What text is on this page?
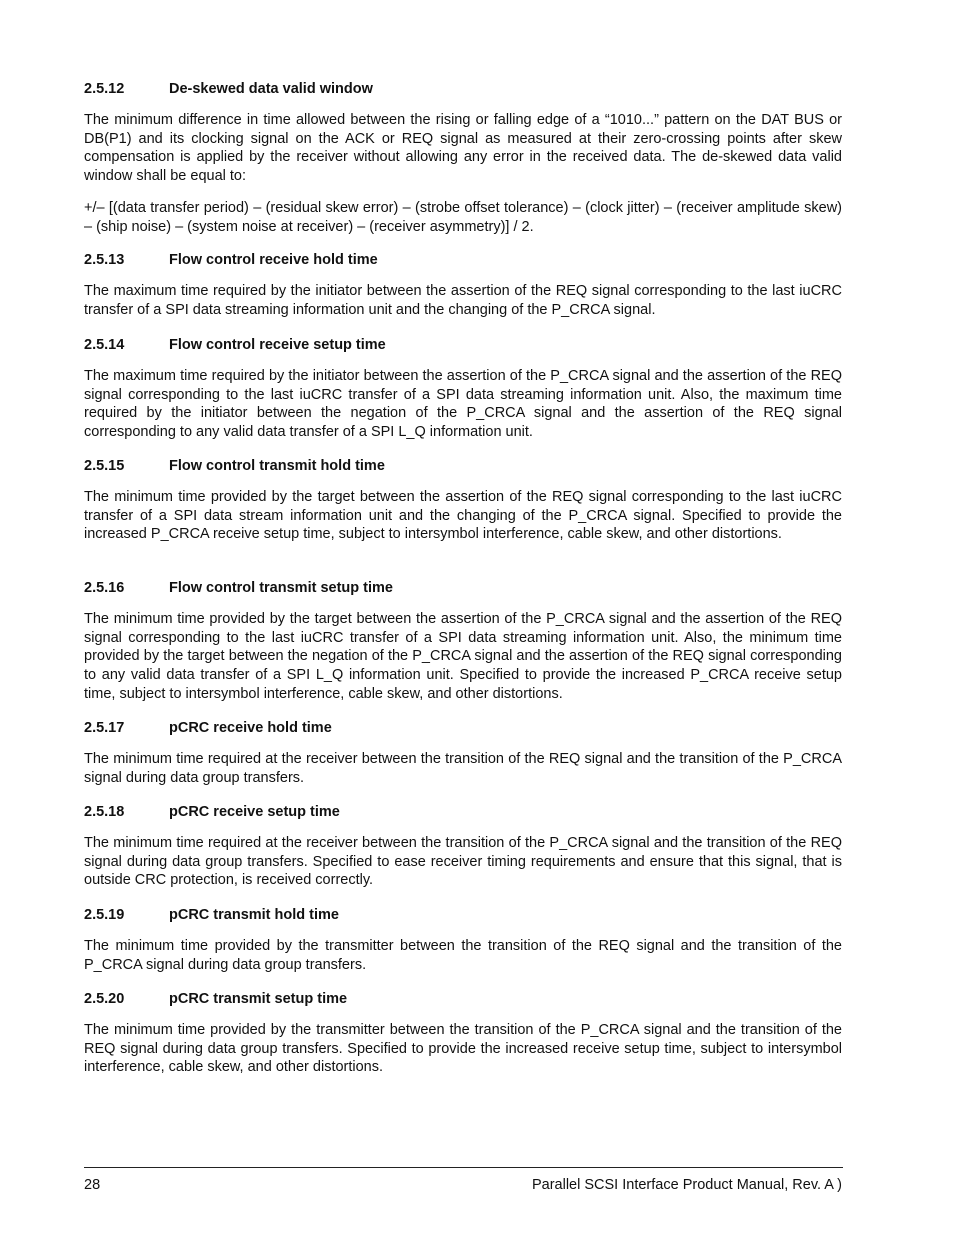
2.5.12	De-skewed data valid window

The minimum difference in time allowed between the rising or falling edge of a “1010...” pattern on the DAT BUS or DB(P1) and its clocking signal on the ACK or REQ signal as measured at their zero-crossing points after skew compensation is applied by the receiver without allowing any error in the received data. The de-skewed data valid window shall be equal to:

+/– [(data transfer period) – (residual skew error) – (strobe offset tolerance) – (clock jitter) – (receiver amplitude skew) – (ship noise) – (system noise at receiver) – (receiver asymmetry)] / 2.

2.5.13	Flow control receive hold time

The maximum time required by the initiator between the assertion of the REQ signal corresponding to the last iuCRC transfer of a SPI data streaming information unit and the changing of the P_CRCA signal.

2.5.14	Flow control receive setup time

The maximum time required by the initiator between the assertion of the P_CRCA signal and the assertion of the REQ signal corresponding to the last iuCRC transfer of a SPI data streaming information unit. Also, the maximum time required by the initiator between the negation of the P_CRCA signal and the assertion of the REQ signal corresponding to any valid data transfer of a SPI L_Q information unit.

2.5.15	Flow control transmit hold time

The minimum time provided by the target between the assertion of the REQ signal corresponding to the last iuCRC transfer of a SPI data stream information unit and the changing of the P_CRCA signal. Specified to provide the increased P_CRCA receive setup time, subject to intersymbol interference, cable skew, and other distortions.

2.5.16	Flow control transmit setup time

The minimum time provided by the target between the assertion of the P_CRCA signal and the assertion of the REQ signal corresponding to the last iuCRC transfer of a SPI data streaming information unit. Also, the minimum time provided by the target between the negation of the P_CRCA signal and the assertion of the REQ signal corresponding to any valid data transfer of a SPI L_Q information unit. Specified to provide the increased P_CRCA receive setup time, subject to intersymbol interference, cable skew, and other distortions.

2.5.17	pCRC receive hold time

The minimum time required at the receiver between the transition of the REQ signal and the transition of the P_CRCA signal during data group transfers.

2.5.18	pCRC receive setup time

The minimum time required at the receiver between the transition of the P_CRCA signal and the transition of the REQ signal during data group transfers. Specified to ease receiver timing requirements and ensure that this signal, that is outside CRC protection, is received correctly.

2.5.19	pCRC transmit hold time

The minimum time provided by the transmitter between the transition of the REQ signal and the transition of the P_CRCA signal during data group transfers.

2.5.20	pCRC transmit setup time

The minimum time provided by the transmitter between the transition of the P_CRCA signal and the transition of the REQ signal during data group transfers. Specified to provide the increased receive setup time, subject to intersymbol interference, cable skew, and other distortions.

28	Parallel SCSI Interface Product Manual, Rev. A )
